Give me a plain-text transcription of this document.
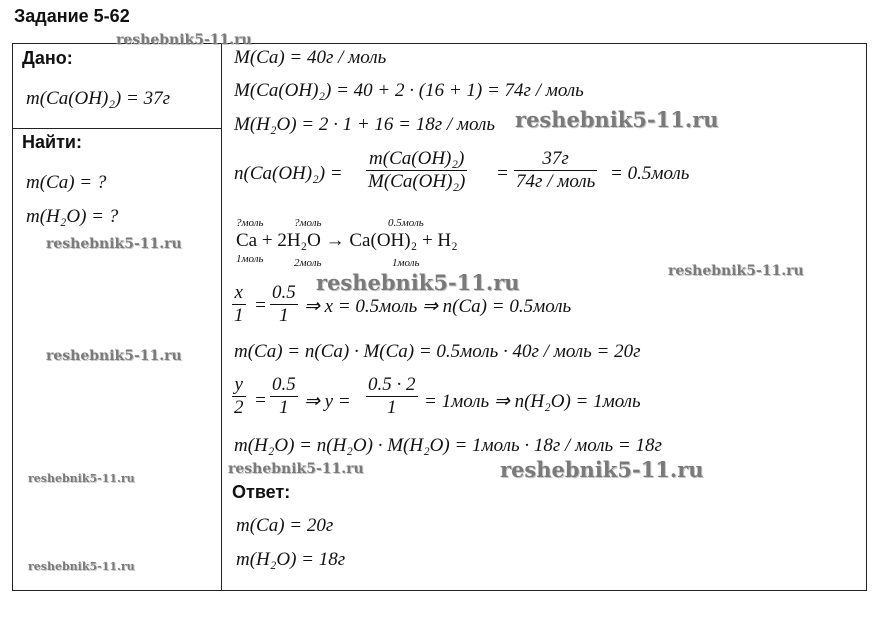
Задание 5-62
Дано:
m(Ca(OH)₂) = 37г
Найти:
m(Ca) = ?
m(H₂O) = ?
M(Ca) = 40г / моль
M(Ca(OH)₂) = 40 + 2 · (16 + 1) = 74г / моль
M(H₂O) = 2 · 1 + 16 = 18г / моль
n(Ca(OH)₂) =
m(Ca(OH)₂)
M(Ca(OH)₂) =
37г
74г / моль = 0.5моль
?моль	?моль	0.5моль
Ca + 2H₂O → Ca(OH)₂ + H₂
1моль	2моль	1моль
x
1 =
0.5
1 ⇒ x = 0.5моль ⇒ n(Ca) = 0.5моль
m(Ca) = n(Ca) · M(Ca) = 0.5моль · 40г / моль = 20г
y
2 =
0.5
1 ⇒ y =
0.5 · 2
1	= 1моль ⇒ n(H₂O) = 1моль
m(H₂O) = n(H₂O) · M(H₂O) = 1моль · 18г / моль = 18г
Ответ:
m(Ca) = 20г
m(H₂O) = 18г
reshebnik5-11.ru
reshebnik5-11.ru
reshebnik5-11.ru
reshebnik5-11.ru	reshebnik5-11.ru
reshebnik5-11.ru
reshebnik5-11.ru
reshebnik5-11.ru	reshebnik5-11.ru
reshebnik5-11.ru
